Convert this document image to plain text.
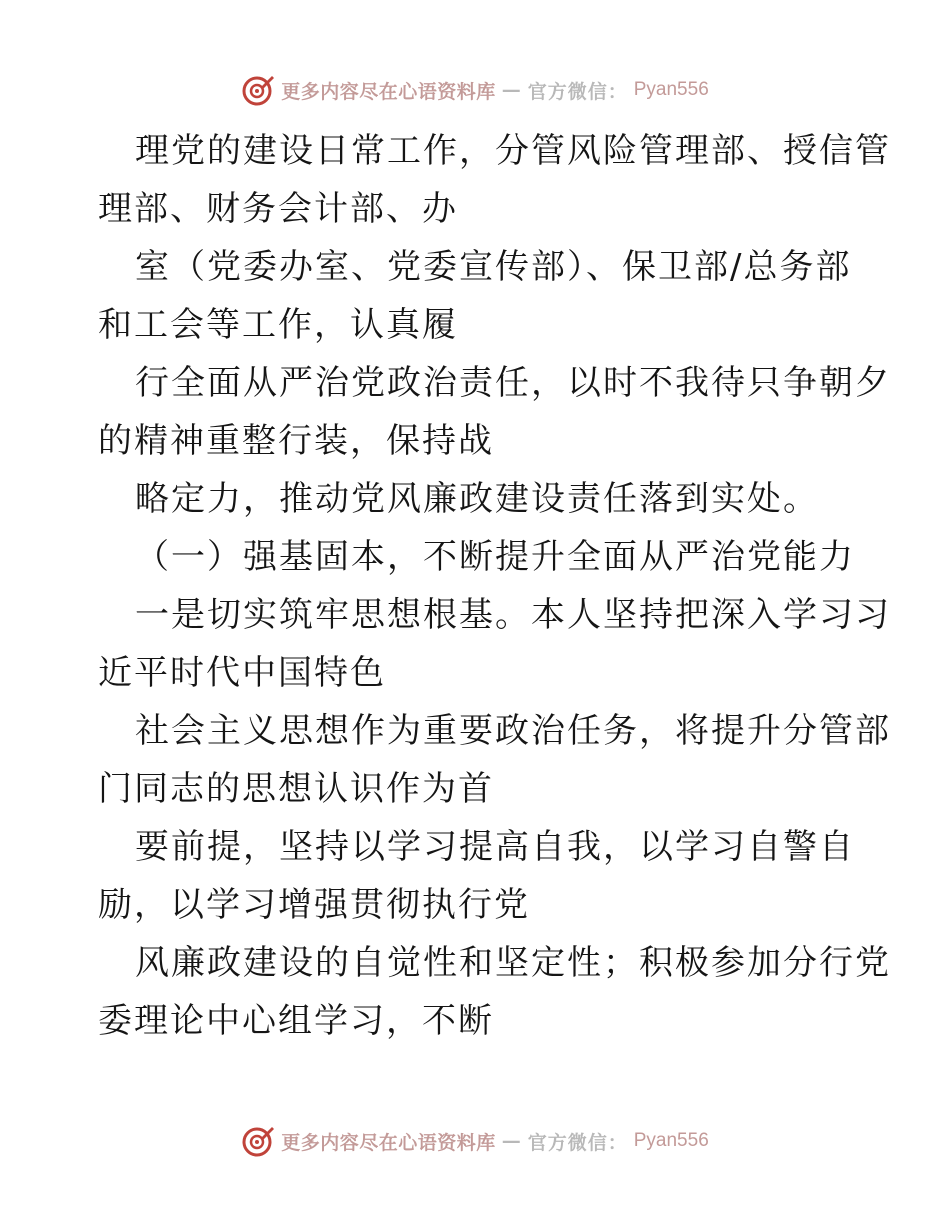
更多内容尽在心语资料库 — 官方微信： Pyan556
理党的建设日常工作，分管风险管理部、授信管
理部、财务会计部、办
室（党委办室、党委宣传部）、保卫部/总务部
和工会等工作，认真履
行全面从严治党政治责任，以时不我待只争朝夕
的精神重整行装，保持战
略定力，推动党风廉政建设责任落到实处。
（一）强基固本，不断提升全面从严治党能力
一是切实筑牢思想根基。本人坚持把深入学习习
近平时代中国特色
社会主义思想作为重要政治任务，将提升分管部
门同志的思想认识作为首
要前提，坚持以学习提高自我，以学习自警自
励，以学习增强贯彻执行党
风廉政建设的自觉性和坚定性；积极参加分行党
委理论中心组学习，不断
更多内容尽在心语资料库 — 官方微信： Pyan556
